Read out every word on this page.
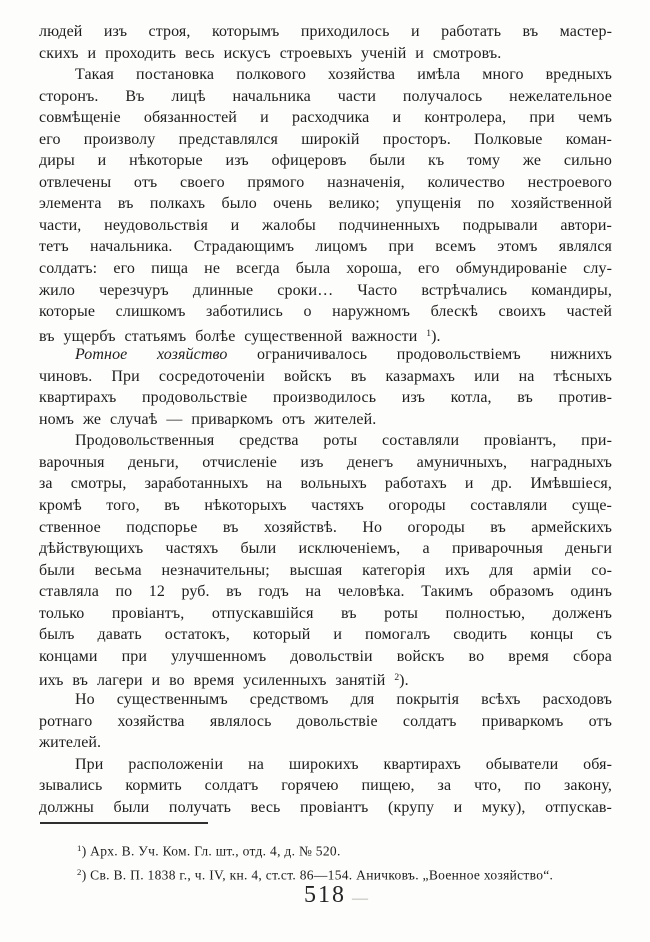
людей изъ строя, которымъ приходилось и работать въ мастер-
скихъ и проходить весь искусъ строевыхъ ученій и смотровъ.
Такая постановка полкового хозяйства имѣла много вредныхъ
сторонъ. Въ лицѣ начальника части получалось нежелательное
совмѣщеніе обязанностей и расходчика и контролера, при чемъ
его произволу представлялся широкій просторъ. Полковые коман-
диры и нѣкоторые изъ офицеровъ были къ тому же сильно
отвлечены отъ своего прямого назначенія, количество нестроевого
элемента въ полкахъ было очень велико; упущенія по хозяйственной
части, неудовольствія и жалобы подчиненныхъ подрывали автори-
тетъ начальника. Страдающимъ лицомъ при всемъ этомъ являлся
солдатъ: его пища не всегда была хороша, его обмундированіе слу-
жило черезчуръ длинные сроки… Часто встрѣчались командиры,
которые слишкомъ заботились о наружномъ блескѣ своихъ частей
въ ущербъ статьямъ болѣе существенной важности $^1$).
Ротное хозяйство ограничивалось продовольствіемъ нижнихъ
чиновъ. При сосредоточеніи войскъ въ казармахъ или на тѣсныхъ
квартирахъ продовольствіе производилось изъ котла, въ против-
номъ же случаѣ — приваркомъ отъ жителей.
Продовольственныя средства роты составляли провіантъ, при-
варочныя деньги, отчисленіе изъ денегъ амуничныхъ, наградныхъ
за смотры, заработанныхъ на вольныхъ работахъ и др. Имѣвшіеся,
кромѣ того, въ нѣкоторыхъ частяхъ огороды составляли суще-
ственное подспорье въ хозяйствѣ. Но огороды въ армейскихъ
дѣйствующихъ частяхъ были исключеніемъ, а приварочныя деньги
были весьма незначительны; высшая категорія ихъ для арміи со-
ставляла по 12 руб. въ годъ на человѣка. Такимъ образомъ одинъ
только провіантъ, отпускавшійся въ роты полностью, долженъ
былъ давать остатокъ, который и помогалъ сводить концы съ
концами при улучшенномъ довольствіи войскъ во время сбора
ихъ въ лагери и во время усиленныхъ занятій $^2$).
Но существеннымъ средствомъ для покрытія всѣхъ расходовъ
ротнаго хозяйства являлось довольствіе солдатъ приваркомъ отъ
жителей.
При расположеніи на широкихъ квартирахъ обыватели обя-
зывались кормить солдатъ горячею пищею, за что, по закону,
должны были получать весь провіантъ (крупу и муку), отпускав-
$^1$) Арх. В. Уч. Ком. Гл. шт., отд. 4, д. № 520.
$^2$) Св. В. П. 1838 г., ч. IV, кн. 4, ст.ст. 86—154. Аничковъ. „Военное хозяйство“.
518 —
